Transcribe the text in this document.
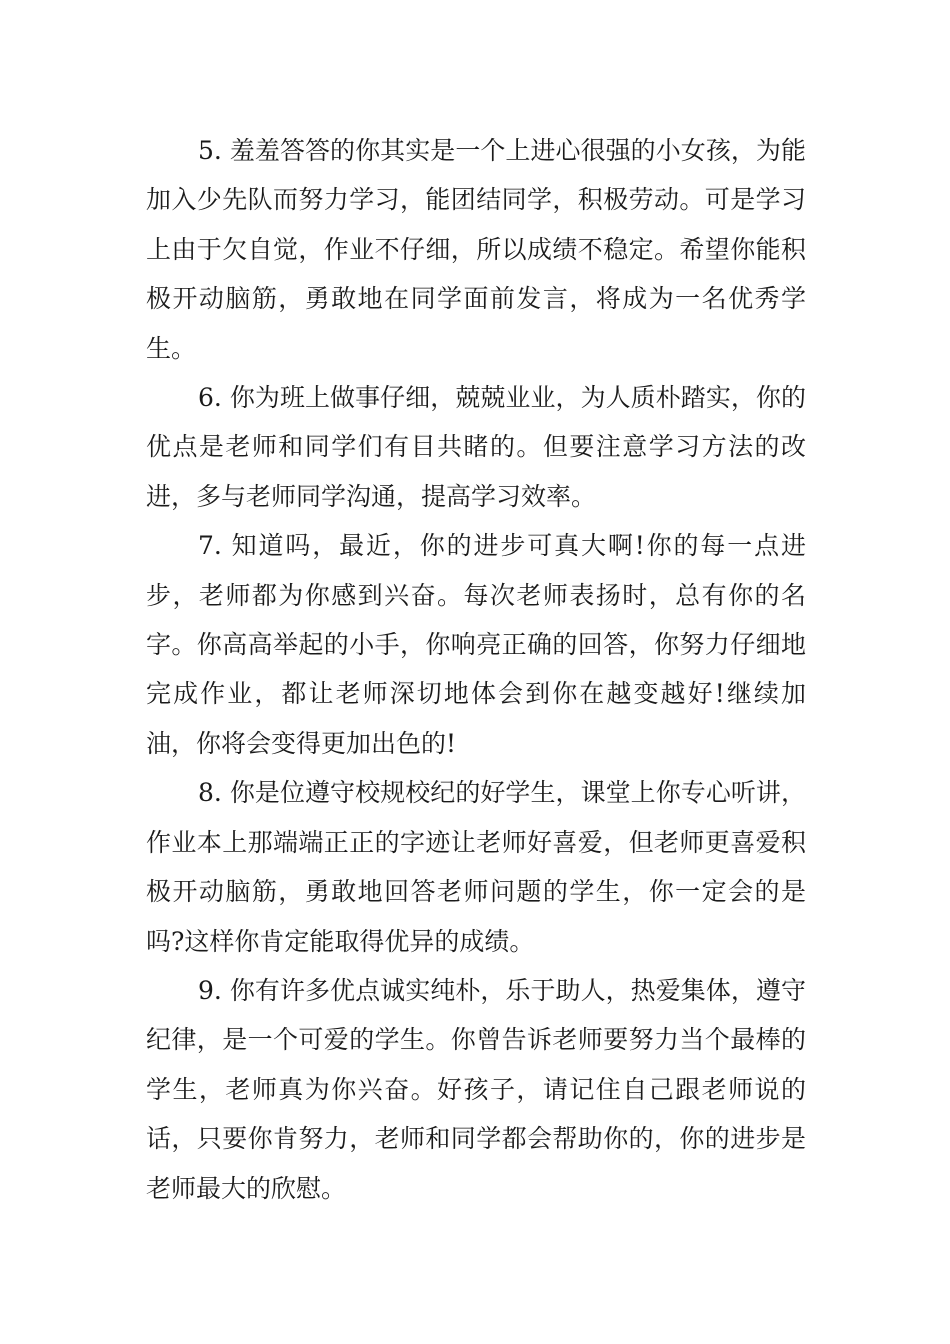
5. 羞羞答答的你其实是一个上进心很强的小女孩，为能加入少先队而努力学习，能团结同学，积极劳动。可是学习上由于欠自觉，作业不仔细，所以成绩不稳定。希望你能积极开动脑筋，勇敢地在同学面前发言，将成为一名优秀学生。

6. 你为班上做事仔细，兢兢业业，为人质朴踏实，你的优点是老师和同学们有目共睹的。但要注意学习方法的改进，多与老师同学沟通，提高学习效率。

7. 知道吗，最近，你的进步可真大啊!你的每一点进步，老师都为你感到兴奋。每次老师表扬时，总有你的名字。你高高举起的小手，你响亮正确的回答，你努力仔细地完成作业，都让老师深切地体会到你在越变越好!继续加油，你将会变得更加出色的!

8. 你是位遵守校规校纪的好学生，课堂上你专心听讲，作业本上那端端正正的字迹让老师好喜爱，但老师更喜爱积极开动脑筋，勇敢地回答老师问题的学生，你一定会的是吗?这样你肯定能取得优异的成绩。

9. 你有许多优点诚实纯朴，乐于助人，热爱集体，遵守纪律，是一个可爱的学生。你曾告诉老师要努力当个最棒的学生，老师真为你兴奋。好孩子，请记住自己跟老师说的话，只要你肯努力，老师和同学都会帮助你的，你的进步是老师最大的欣慰。
